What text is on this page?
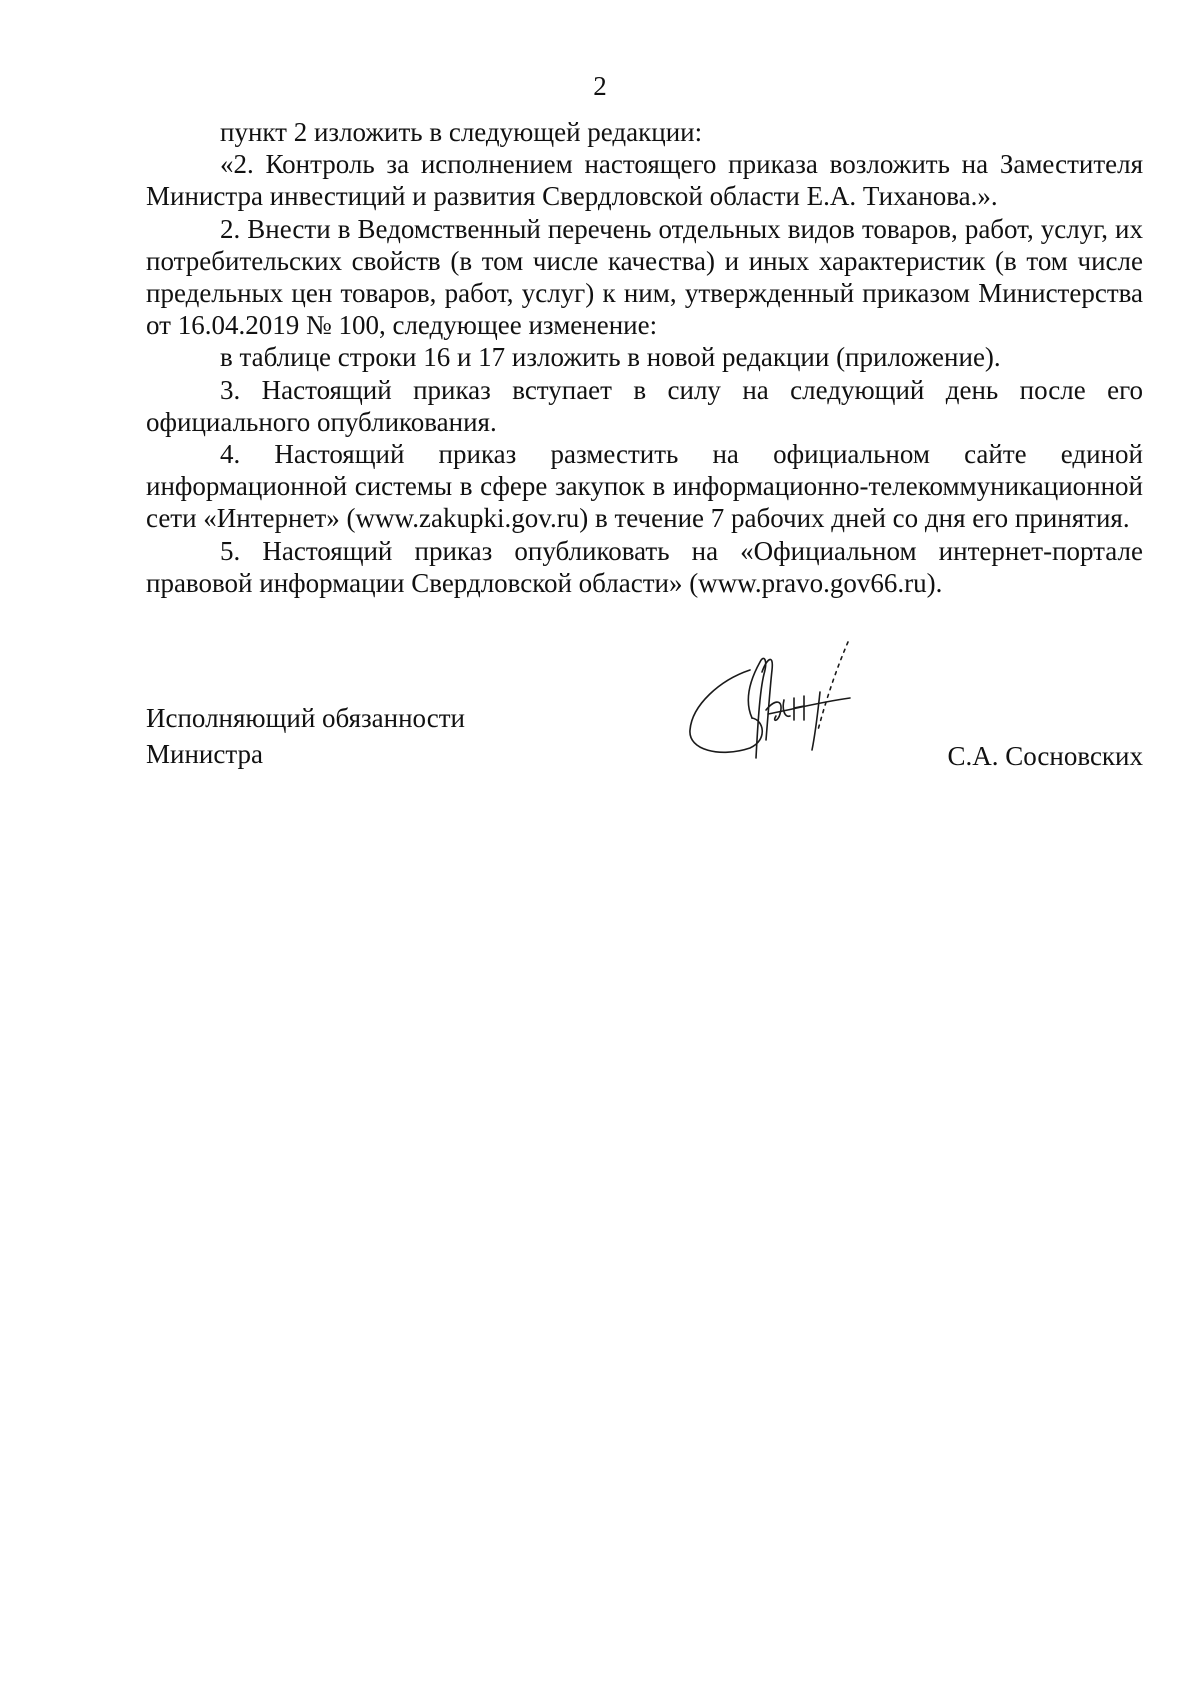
2

пункт 2 изложить в следующей редакции:

«2. Контроль за исполнением настоящего приказа возложить на Заместителя Министра инвестиций и развития Свердловской области Е.А. Тиханова.».

2. Внести в Ведомственный перечень отдельных видов товаров, работ, услуг, их потребительских свойств (в том числе качества) и иных характеристик (в том числе предельных цен товаров, работ, услуг) к ним, утвержденный приказом Министерства от 16.04.2019 № 100, следующее изменение:

в таблице строки 16 и 17 изложить в новой редакции (приложение).

3. Настоящий приказ вступает в силу на следующий день после его официального опубликования.

4. Настоящий приказ разместить на официальном сайте единой информационной системы в сфере закупок в информационно-телекоммуникационной сети «Интернет» (www.zakupki.gov.ru) в течение 7 рабочих дней со дня его принятия.

5. Настоящий приказ опубликовать на «Официальном интернет-портале правовой информации Свердловской области» (www.pravo.gov66.ru).

Исполняющий обязанности
Министра	С.А. Сосновских
